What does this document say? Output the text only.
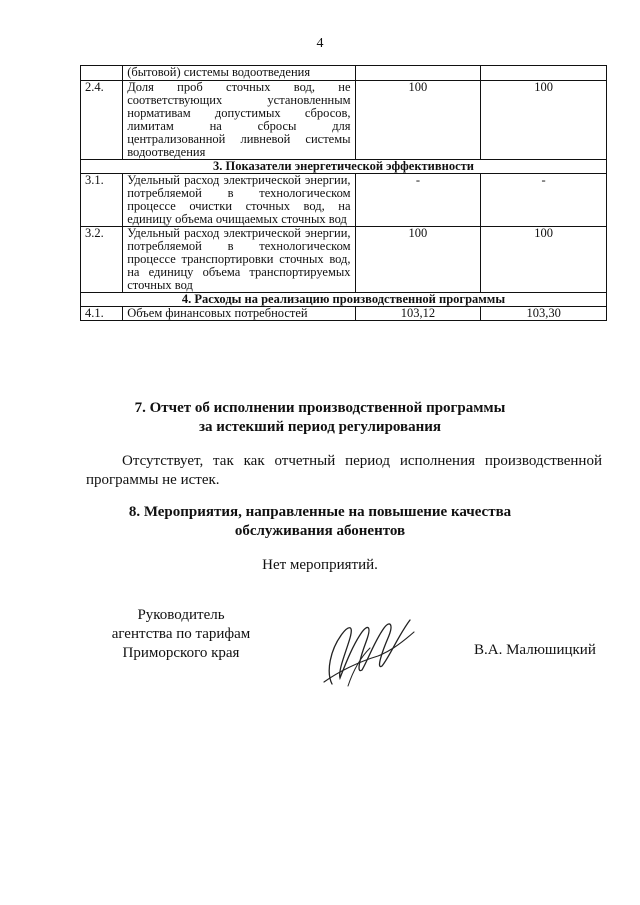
4
	(бытовой) системы водоотведения		
2.4.	Доля проб сточных вод, не соответствующих установленным нормативам допустимых сбросов, лимитам на сбросы для централизованной ливневой системы водоотведения	100	100
3. Показатели энергетической эффективности			
3.1.	Удельный расход электрической энергии, потребляемой в технологическом процессе очистки сточных вод, на единицу объема очищаемых сточных вод	-	-
3.2.	Удельный расход электрической энергии, потребляемой в технологическом процессе транспортировки сточных вод, на единицу объема транспортируемых сточных вод	100	100
4. Расходы на реализацию производственной программы			
4.1.	Объем финансовых потребностей	103,12	103,30
7. Отчет об исполнении производственной программы
за истекший период регулирования
Отсутствует, так как отчетный период исполнения производственной программы не истек.
8. Мероприятия, направленные на повышение качества
обслуживания абонентов
Нет мероприятий.
Руководитель
агентства по тарифам
Приморского края	В.А. Малюшицкий
